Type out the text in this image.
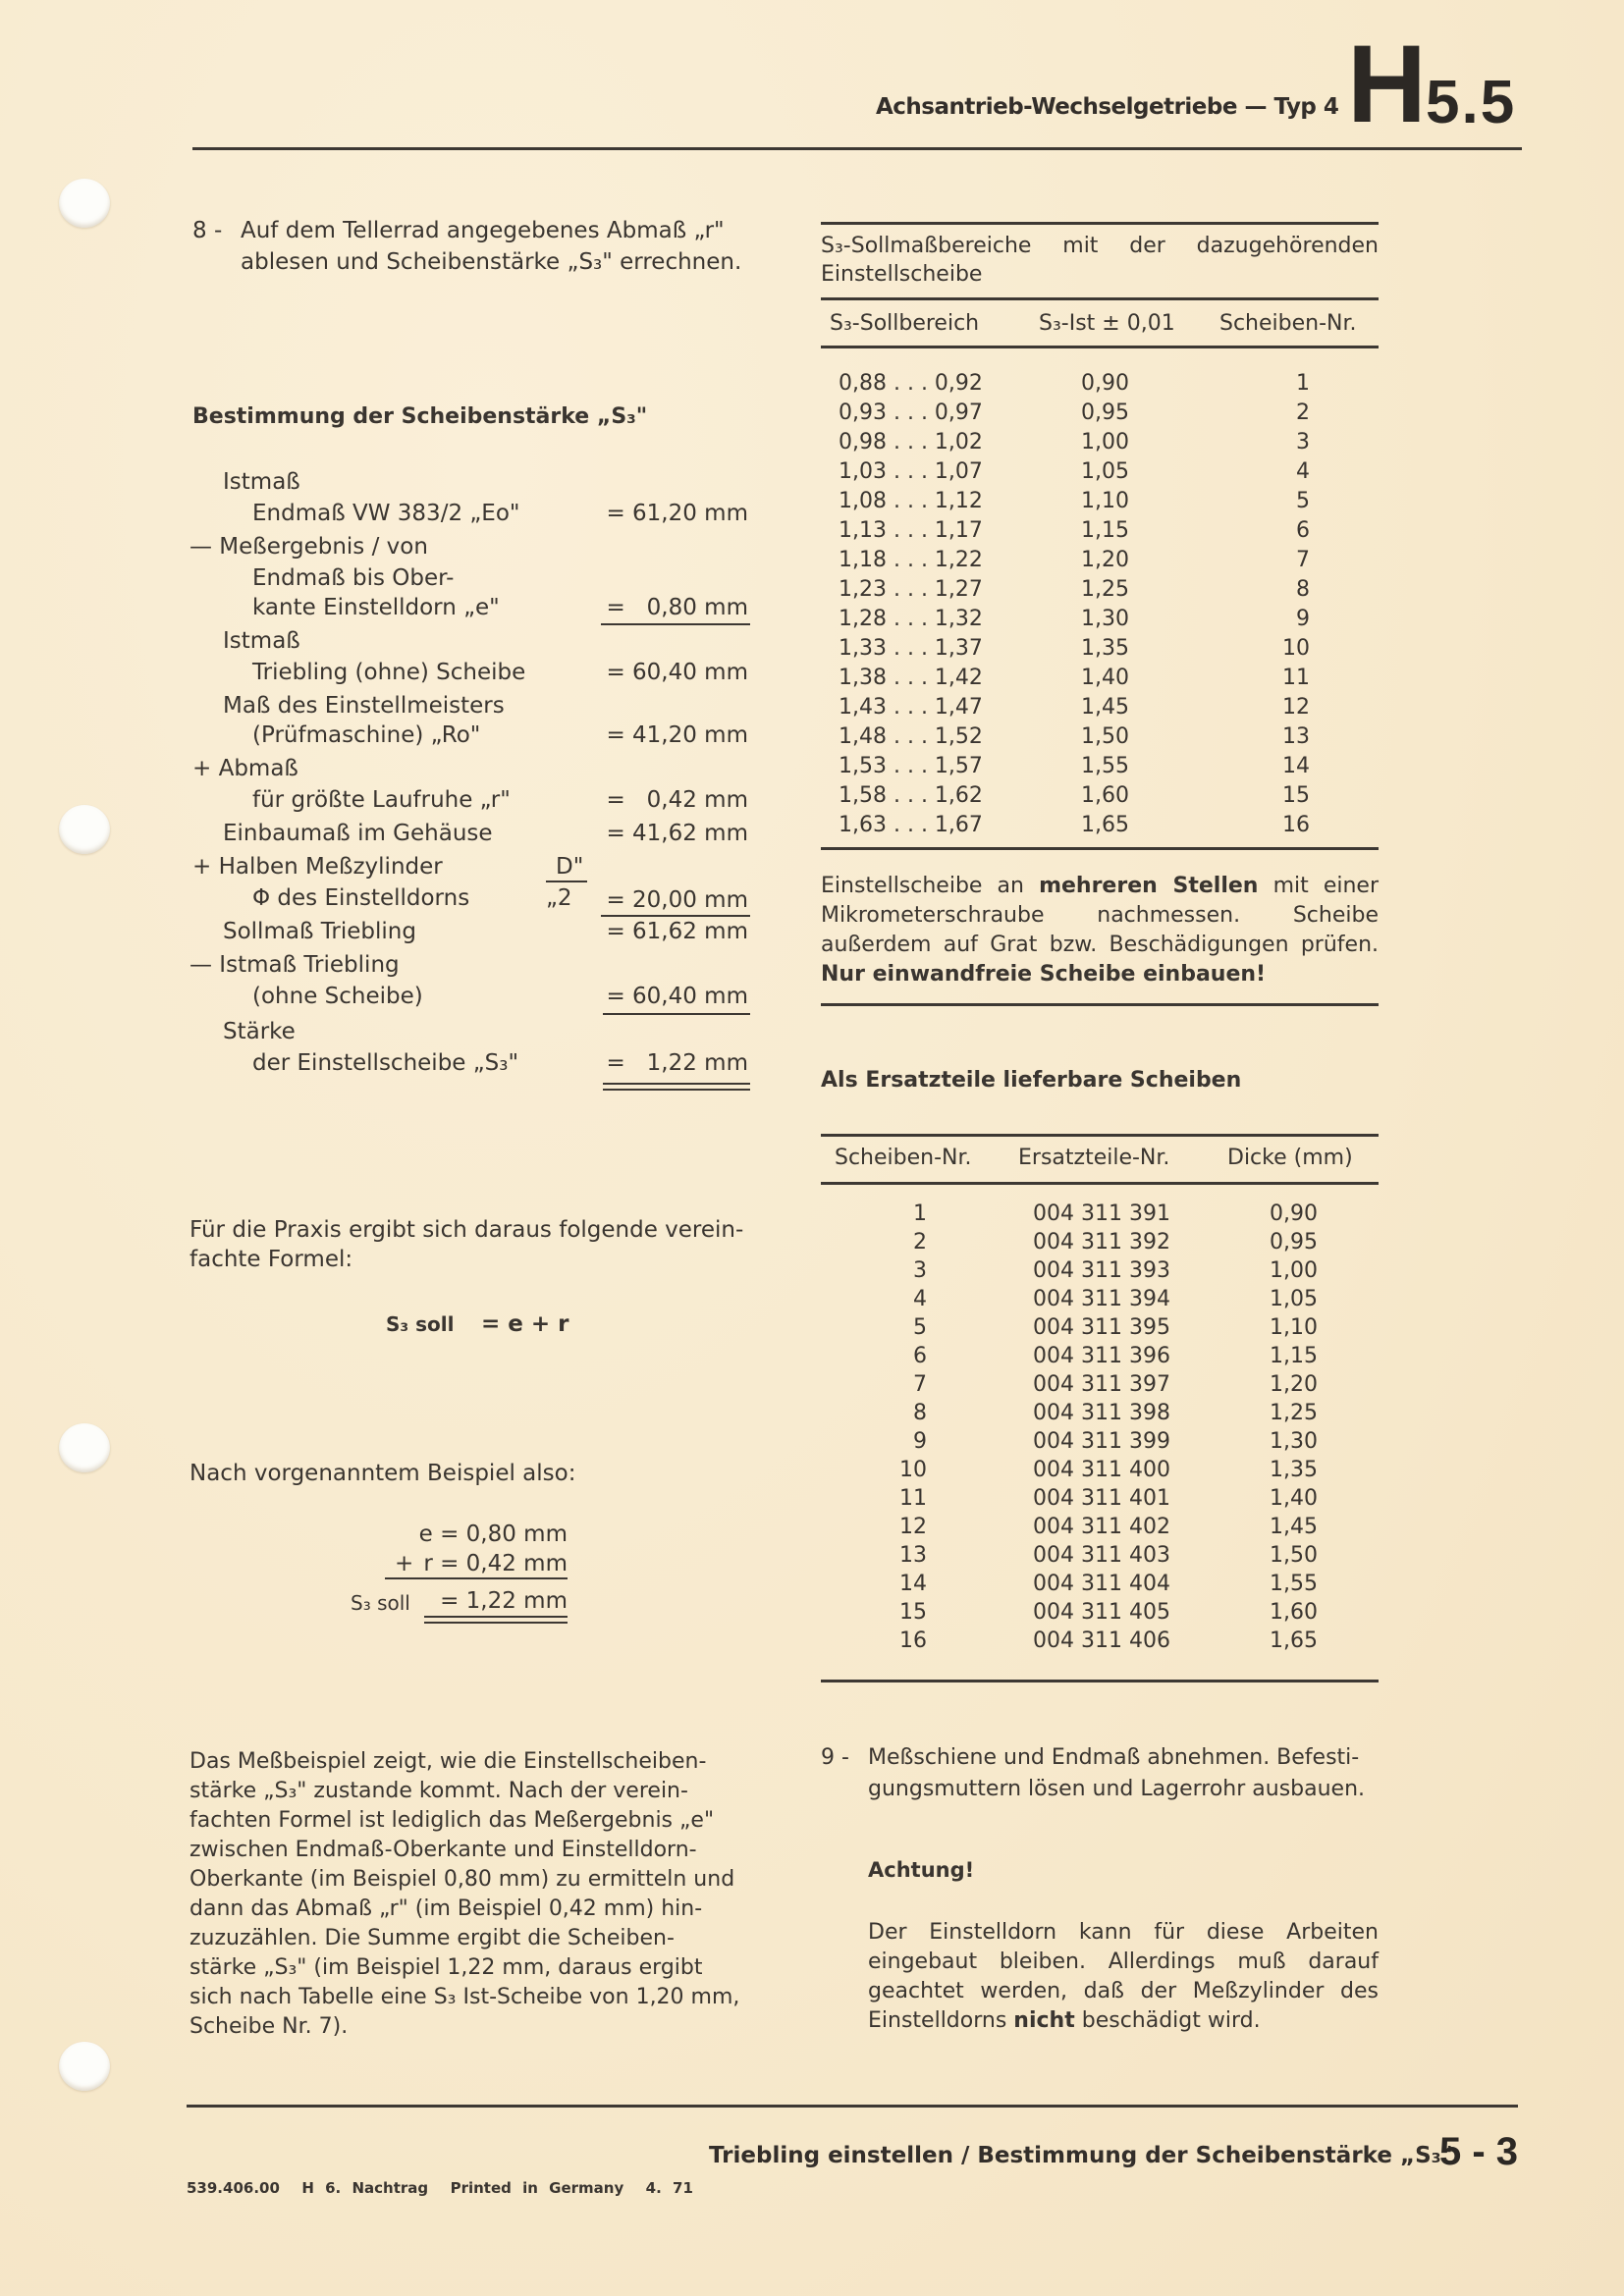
Achsantrieb-Wechselgetriebe — Typ 4 H 5.5
8 - Auf dem Tellerrad angegebenes Abmaß „r"
ablesen und Scheibenstärke „S₃" errechnen.
Bestimmung der Scheibenstärke „S₃"
Istmaß
Endmaß VW 383/2 „Eo"	= 61,20 mm
— Meßergebnis / von
Endmaß bis Ober-
kante Einstelldorn „e"	=   0,80 mm
Istmaß
Triebling (ohne) Scheibe	= 60,40 mm
Maß des Einstellmeisters
(Prüfmaschine) „Ro"	= 41,20 mm
+ Abmaß
für größte Laufruhe „r"	=   0,42 mm
Einbaumaß im Gehäuse	= 41,62 mm
+ Halben Meßzylinder	D"
Φ des Einstelldorns	„2 = 20,00 mm
Sollmaß Triebling	= 61,62 mm
— Istmaß Triebling
(ohne Scheibe)	= 60,40 mm
Stärke
der Einstellscheibe „S₃"	=   1,22 mm
Für die Praxis ergibt sich daraus folgende verein-
fachte Formel:
S₃ soll = e + r
Nach vorgenanntem Beispiel also:
e = 0,80 mm
+ r = 0,42 mm
S₃ soll	= 1,22 mm
Das Meßbeispiel zeigt, wie die Einstellscheiben-
stärke „S₃" zustande kommt. Nach der verein-
fachten Formel ist lediglich das Meßergebnis „e"
zwischen Endmaß-Oberkante und Einstelldorn-
Oberkante (im Beispiel 0,80 mm) zu ermitteln und
dann das Abmaß „r" (im Beispiel 0,42 mm) hin-
zuzuzählen. Die Summe ergibt die Scheiben-
stärke „S₃" (im Beispiel 1,22 mm, daraus ergibt
sich nach Tabelle eine S₃ Ist-Scheibe von 1,20 mm,
Scheibe Nr. 7).
S₃-Sollmaßbereiche mit der dazugehörenden
Einstellscheibe
S₃-Sollbereich	S₃-Ist ± 0,01 Scheiben-Nr.
0,88 . . . 0,92	0,90	1
0,93 . . . 0,97	0,95	2
0,98 . . . 1,02	1,00	3
1,03 . . . 1,07	1,05	4
1,08 . . . 1,12	1,10	5
1,13 . . . 1,17	1,15	6
1,18 . . . 1,22	1,20	7
1,23 . . . 1,27	1,25	8
1,28 . . . 1,32	1,30	9
1,33 . . . 1,37	1,35	10
1,38 . . . 1,42	1,40	11
1,43 . . . 1,47	1,45	12
1,48 . . . 1,52	1,50	13
1,53 . . . 1,57	1,55	14
1,58 . . . 1,62	1,60	15
1,63 . . . 1,67	1,65	16
Einstellscheibe an mehreren Stellen mit einer Mikrometerschraube nachmessen. Scheibe außerdem auf Grat bzw. Beschädigungen prüfen. Nur einwandfreie Scheibe einbauen!
Als Ersatzteile lieferbare Scheiben
Scheiben-Nr. Ersatzteile-Nr.	Dicke (mm)
1	004 311 391	0,90
2	004 311 392	0,95
3	004 311 393	1,00
4	004 311 394	1,05
5	004 311 395	1,10
6	004 311 396	1,15
7	004 311 397	1,20
8	004 311 398	1,25
9	004 311 399	1,30
10	004 311 400	1,35
11	004 311 401	1,40
12	004 311 402	1,45
13	004 311 403	1,50
14	004 311 404	1,55
15	004 311 405	1,60
16	004 311 406	1,65
9 - Meßschiene und Endmaß abnehmen. Befesti-
gungsmuttern lösen und Lagerrohr ausbauen.
Achtung!
Der Einstelldorn kann für diese Arbeiten eingebaut bleiben. Allerdings muß darauf geachtet werden, daß der Meßzylinder des Einstelldorns nicht beschädigt wird.
Triebling einstellen / Bestimmung der Scheibenstärke „S₃"
5 - 3
539.406.00  H 6. Nachtrag  Printed in Germany  4. 71
